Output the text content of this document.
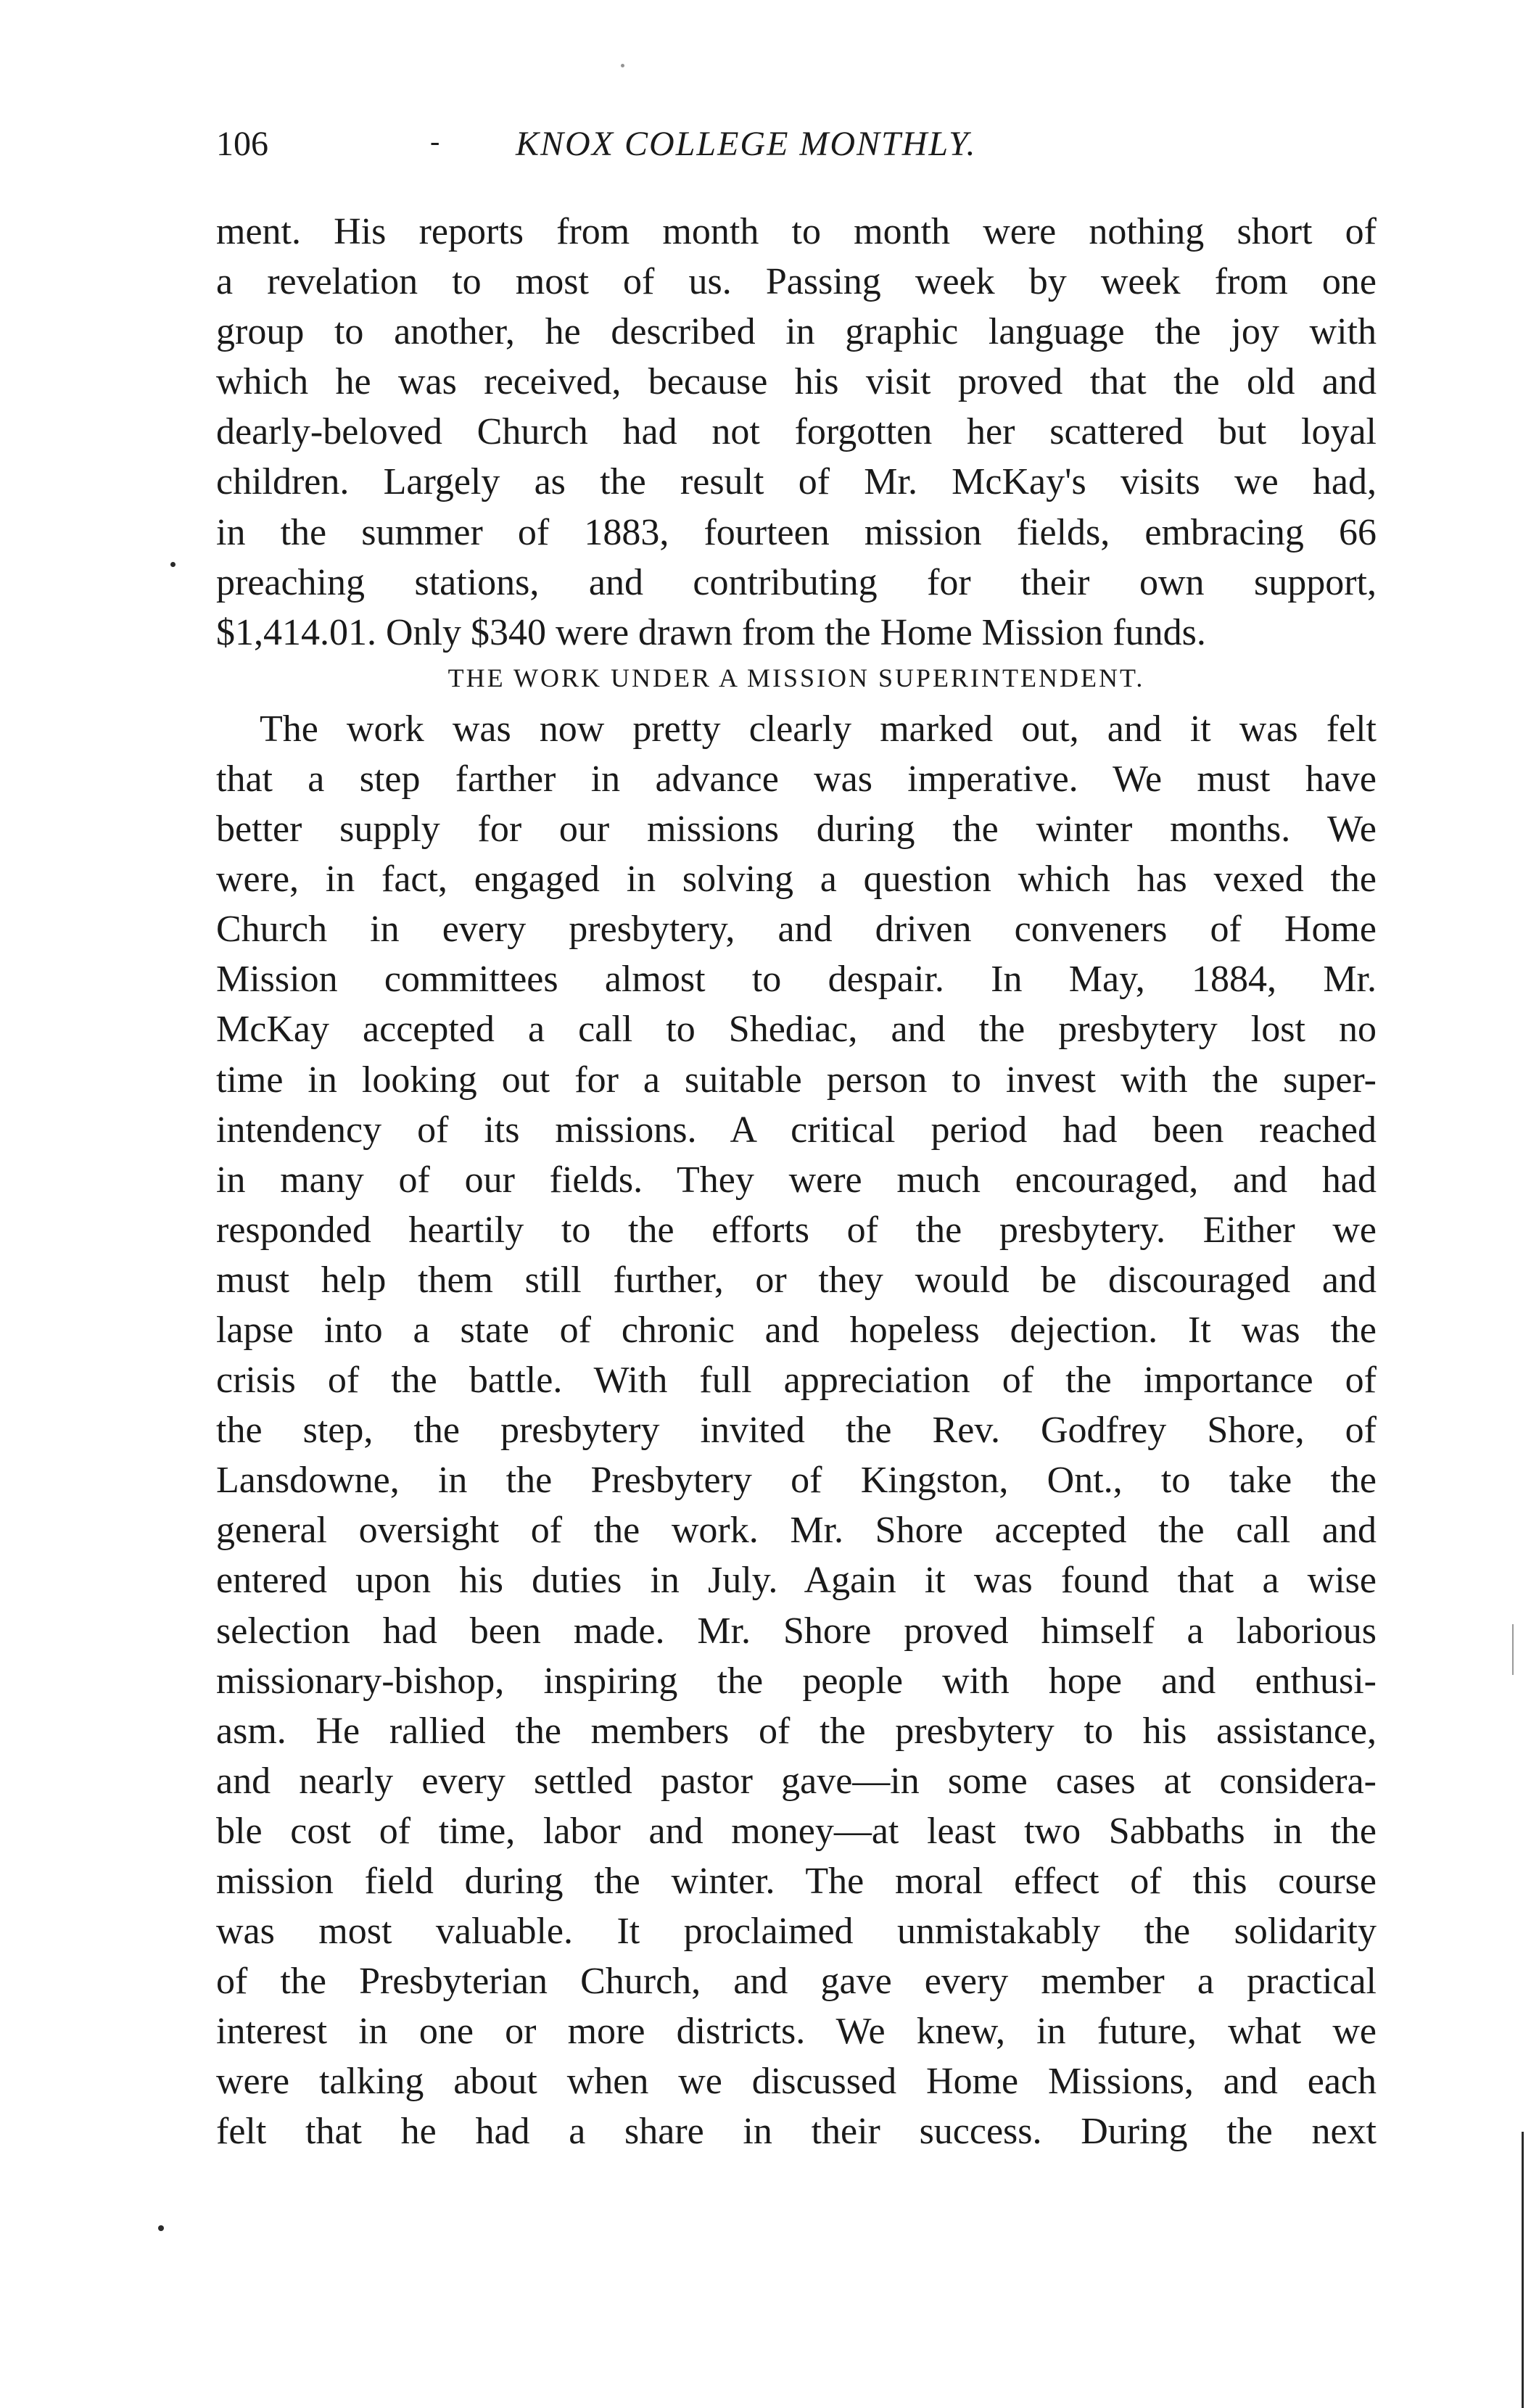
106	- KNOX COLLEGE MONTHLY.
ment. His reports from month to month were nothing short of
a revelation to most of us. Passing week by week from one
group to another, he described in graphic language the joy with
which he was received, because his visit proved that the old and
dearly-beloved Church had not forgotten her scattered but loyal
children. Largely as the result of Mr. McKay's visits we had,
in the summer of 1883, fourteen mission fields, embracing 66
preaching stations, and contributing for their own support,
$1,414.01. Only $340 were drawn from the Home Mission funds.
THE WORK UNDER A MISSION SUPERINTENDENT.
The work was now pretty clearly marked out, and it was felt
that a step farther in advance was imperative. We must have
better supply for our missions during the winter months. We
were, in fact, engaged in solving a question which has vexed the
Church in every presbytery, and driven conveners of Home
Mission committees almost to despair. In May, 1884, Mr.
McKay accepted a call to Shediac, and the presbytery lost no
time in looking out for a suitable person to invest with the super-
intendency of its missions. A critical period had been reached
in many of our fields. They were much encouraged, and had
responded heartily to the efforts of the presbytery. Either we
must help them still further, or they would be discouraged and
lapse into a state of chronic and hopeless dejection. It was the
crisis of the battle. With full appreciation of the importance of
the step, the presbytery invited the Rev. Godfrey Shore, of
Lansdowne, in the Presbytery of Kingston, Ont., to take the
general oversight of the work. Mr. Shore accepted the call and
entered upon his duties in July. Again it was found that a wise
selection had been made. Mr. Shore proved himself a laborious
missionary-bishop, inspiring the people with hope and enthusi-
asm. He rallied the members of the presbytery to his assistance,
and nearly every settled pastor gave—in some cases at considera-
ble cost of time, labor and money—at least two Sabbaths in the
mission field during the winter. The moral effect of this course
was most valuable. It proclaimed unmistakably the solidarity
of the Presbyterian Church, and gave every member a practical
interest in one or more districts. We knew, in future, what we
were talking about when we discussed Home Missions, and each
felt that he had a share in their success. During the next
